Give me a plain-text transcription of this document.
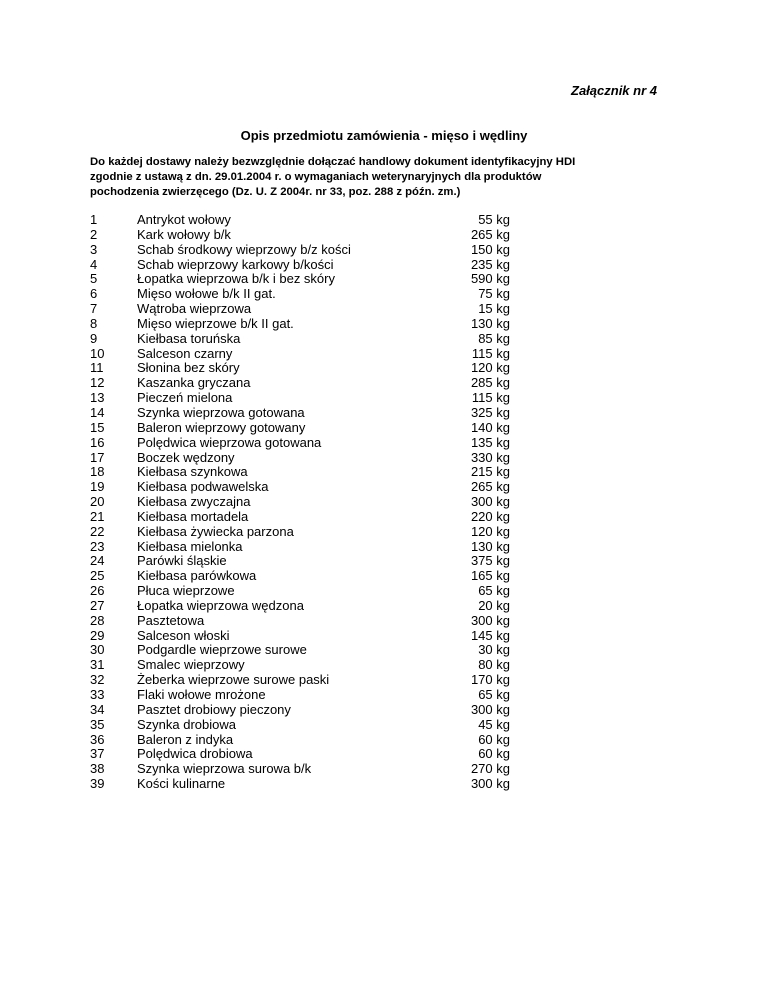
Załącznik nr 4
Opis przedmiotu zamówienia - mięso i wędliny
Do każdej dostawy należy bezwzględnie dołączać handlowy dokument identyfikacyjny HDI
zgodnie z ustawą z dn. 29.01.2004 r. o wymaganiach weterynaryjnych dla produktów
pochodzenia zwierzęcego (Dz. U. Z 2004r. nr 33, poz. 288 z późn. zm.)
1	Antrykot wołowy	55 kg
2	Kark wołowy b/k	265 kg
3	Schab środkowy wieprzowy b/z kości	150 kg
4	Schab wieprzowy karkowy b/kości	235 kg
5	Łopatka wieprzowa b/k i bez skóry	590 kg
6	Mięso wołowe b/k II gat.	75 kg
7	Wątroba wieprzowa	15 kg
8	Mięso wieprzowe b/k II gat.	130 kg
9	Kiełbasa toruńska	85 kg
10	Salceson czarny	115 kg
11	Słonina bez skóry	120 kg
12	Kaszanka gryczana	285 kg
13	Pieczeń mielona	115 kg
14	Szynka wieprzowa gotowana	325 kg
15	Baleron wieprzowy gotowany	140 kg
16	Polędwica wieprzowa gotowana	135 kg
17	Boczek wędzony	330 kg
18	Kiełbasa szynkowa	215 kg
19	Kiełbasa podwawelska	265 kg
20	Kiełbasa zwyczajna	300 kg
21	Kiełbasa mortadela	220 kg
22	Kiełbasa żywiecka parzona	120 kg
23	Kiełbasa mielonka	130 kg
24	Parówki śląskie	375 kg
25	Kiełbasa parówkowa	165 kg
26	Płuca wieprzowe	65 kg
27	Łopatka wieprzowa wędzona	20 kg
28	Pasztetowa	300 kg
29	Salceson włoski	145 kg
30	Podgardle wieprzowe surowe	30 kg
31	Smalec wieprzowy	80 kg
32	Żeberka wieprzowe surowe paski	170 kg
33	Flaki wołowe mrożone	65 kg
34	Pasztet drobiowy pieczony	300 kg
35	Szynka drobiowa	45 kg
36	Baleron z indyka	60 kg
37	Polędwica drobiowa	60 kg
38	Szynka wieprzowa surowa b/k	270 kg
39	Kości kulinarne	300 kg
